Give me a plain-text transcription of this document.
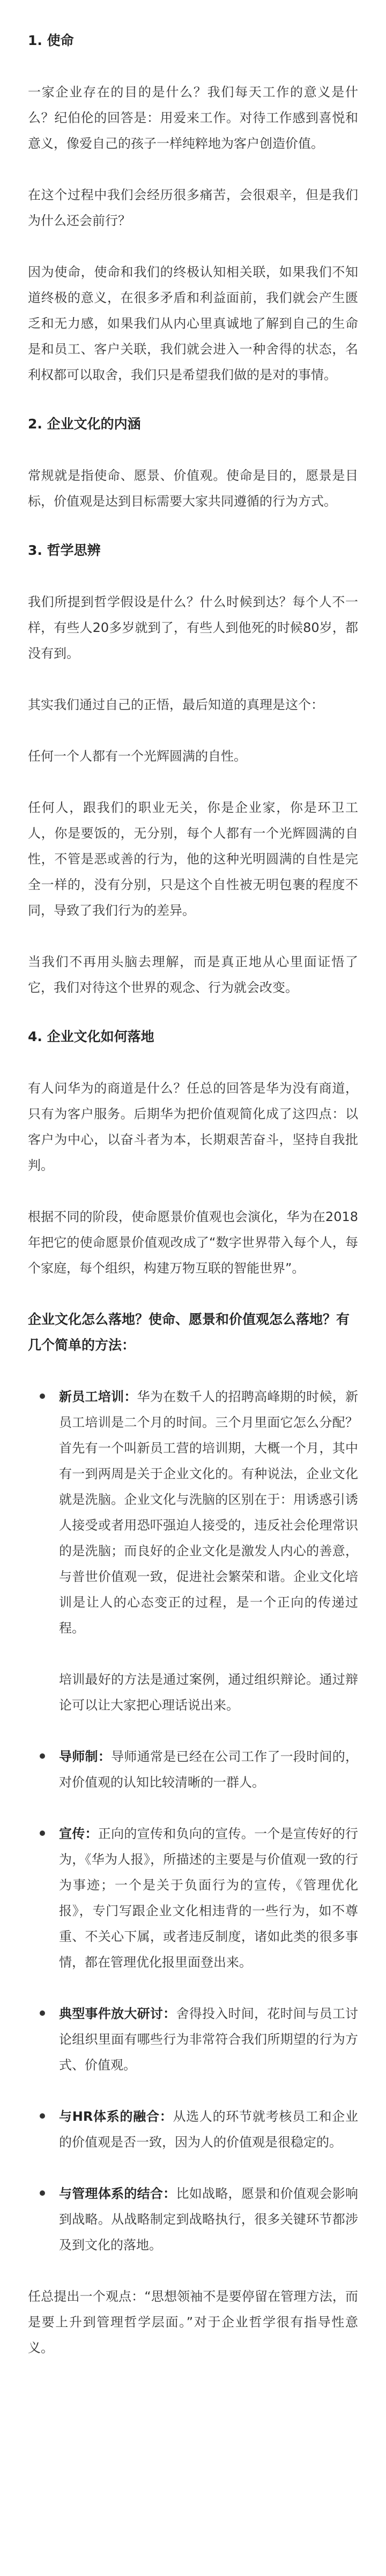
1. 使命
一家企业存在的目的是什么？我们每天工作的意义是什么？纪伯伦的回答是：用爱来工作。对待工作感到喜悦和意义，像爱自己的孩子一样纯粹地为客户创造价值。
在这个过程中我们会经历很多痛苦，会很艰辛，但是我们为什么还会前行？
因为使命，使命和我们的终极认知相关联，如果我们不知道终极的意义，在很多矛盾和利益面前，我们就会产生匮乏和无力感，如果我们从内心里真诚地了解到自己的生命是和员工、客户关联，我们就会进入一种舍得的状态，名利权都可以取舍，我们只是希望我们做的是对的事情。
2. 企业文化的内涵
常规就是指使命、愿景、价值观。使命是目的，愿景是目标，价值观是达到目标需要大家共同遵循的行为方式。
3. 哲学思辨
我们所提到哲学假设是什么？什么时候到达？每个人不一样，有些人20多岁就到了，有些人到他死的时候80岁，都没有到。
其实我们通过自己的正悟，最后知道的真理是这个：
任何一个人都有一个光辉圆满的自性。
任何人，跟我们的职业无关，你是企业家，你是环卫工人，你是要饭的，无分别，每个人都有一个光辉圆满的自性，不管是恶或善的行为，他的这种光明圆满的自性是完全一样的，没有分别，只是这个自性被无明包裹的程度不同，导致了我们行为的差异。
当我们不再用头脑去理解，而是真正地从心里面证悟了它，我们对待这个世界的观念、行为就会改变。
4. 企业文化如何落地
有人问华为的商道是什么？任总的回答是华为没有商道，只有为客户服务。后期华为把价值观简化成了这四点：以客户为中心，以奋斗者为本，长期艰苦奋斗，坚持自我批判。
根据不同的阶段，使命愿景价值观也会演化，华为在2018年把它的使命愿景价值观改成了“数字世界带入每个人，每个家庭，每个组织，构建万物互联的智能世界”。
企业文化怎么落地？使命、愿景和价值观怎么落地？有几个简单的方法：
新员工培训：华为在数千人的招聘高峰期的时候，新员工培训是二个月的时间。三个月里面它怎么分配？首先有一个叫新员工营的培训期，大概一个月，其中有一到两周是关于企业文化的。有种说法，企业文化就是洗脑。企业文化与洗脑的区别在于：用诱惑引诱人接受或者用恐吓强迫人接受的，违反社会伦理常识的是洗脑；而良好的企业文化是激发人内心的善意，与普世价值观一致，促进社会繁荣和谐。企业文化培训是让人的心态变正的过程，是一个正向的传递过程。
培训最好的方法是通过案例，通过组织辩论。通过辩论可以让大家把心理话说出来。
导师制：导师通常是已经在公司工作了一段时间的，对价值观的认知比较清晰的一群人。
宣传：正向的宣传和负向的宣传。一个是宣传好的行为，《华为人报》，所描述的主要是与价值观一致的行为事迹；一个是关于负面行为的宣传，《管理优化报》，专门写跟企业文化相违背的一些行为，如不尊重、不关心下属，或者违反制度，诸如此类的很多事情，都在管理优化报里面登出来。
典型事件放大研讨：舍得投入时间，花时间与员工讨论组织里面有哪些行为非常符合我们所期望的行为方式、价值观。
与HR体系的融合：从选人的环节就考核员工和企业的价值观是否一致，因为人的价值观是很稳定的。
与管理体系的结合：比如战略，愿景和价值观会影响到战略。从战略制定到战略执行，很多关键环节都涉及到文化的落地。
任总提出一个观点：“思想领袖不是要停留在管理方法，而是要上升到管理哲学层面。”对于企业哲学很有指导性意义。
